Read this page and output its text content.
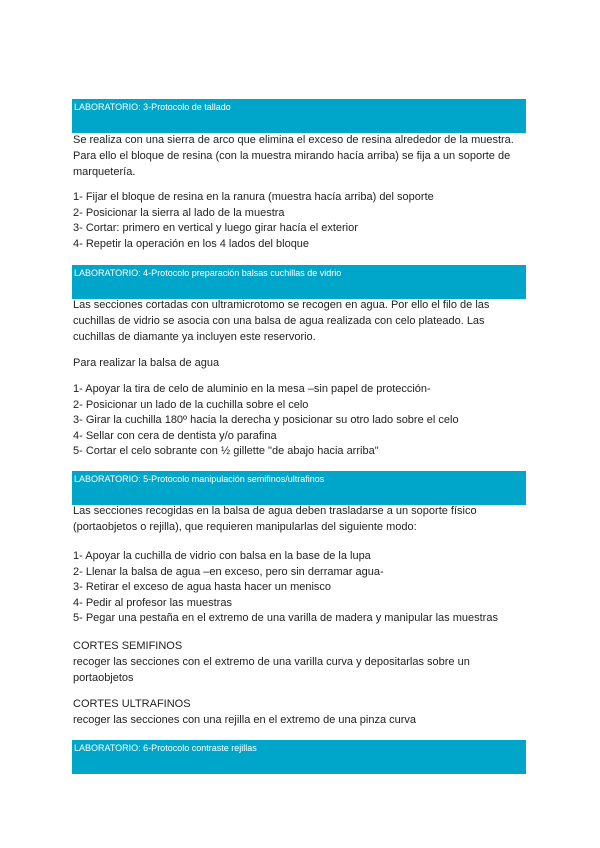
LABORATORIO: 3-Protocolo de tallado
Se realiza con una sierra de arco que elimina el exceso de resina alrededor de la muestra.
Para ello el bloque de resina (con la muestra mirando hacía arriba) se fija a un soporte de
marquetería.
1- Fijar el bloque de resina en la ranura (muestra hacía arriba) del soporte
2- Posicionar la sierra al lado de la muestra
3- Cortar: primero en vertical y luego girar hacía el exterior
4- Repetir la operación en los 4 lados del bloque
LABORATORIO: 4-Protocolo preparación balsas cuchillas de vidrio
Las secciones cortadas con ultramicrotomo se recogen en agua. Por ello el filo de las
cuchillas de vidrio se asocia con una balsa de agua realizada con celo plateado. Las
cuchillas de diamante ya incluyen este reservorio.
Para realizar la balsa de agua
1- Apoyar la tira de celo de aluminio en la mesa –sin papel de protección-
2- Posicionar un lado de la cuchilla sobre el celo
3- Girar la cuchilla 180º hacia la derecha y posicionar su otro lado sobre el celo
4- Sellar con cera de dentista y/o parafina
5- Cortar el celo sobrante con ½ gillette "de abajo hacia arriba"
LABORATORIO: 5-Protocolo manipulación semifinos/ultrafinos
Las secciones recogidas en la balsa de agua deben trasladarse a un soporte físico
(portaobjetos o rejilla), que requieren manipularlas del siguiente modo:
1- Apoyar la cuchilla de vidrio con balsa en la base de la lupa
2- Llenar la balsa de agua –en exceso, pero sin derramar agua-
3- Retirar el exceso de agua hasta hacer un menisco
4- Pedir al profesor las muestras
5- Pegar una pestaña en el extremo de una varilla de madera y manipular las muestras
CORTES SEMIFINOS
recoger las secciones con el extremo de una varilla curva y depositarlas sobre un
portaobjetos
CORTES ULTRAFINOS
recoger las secciones con una rejilla en el extremo de una pinza curva
LABORATORIO: 6-Protocolo contraste rejillas
